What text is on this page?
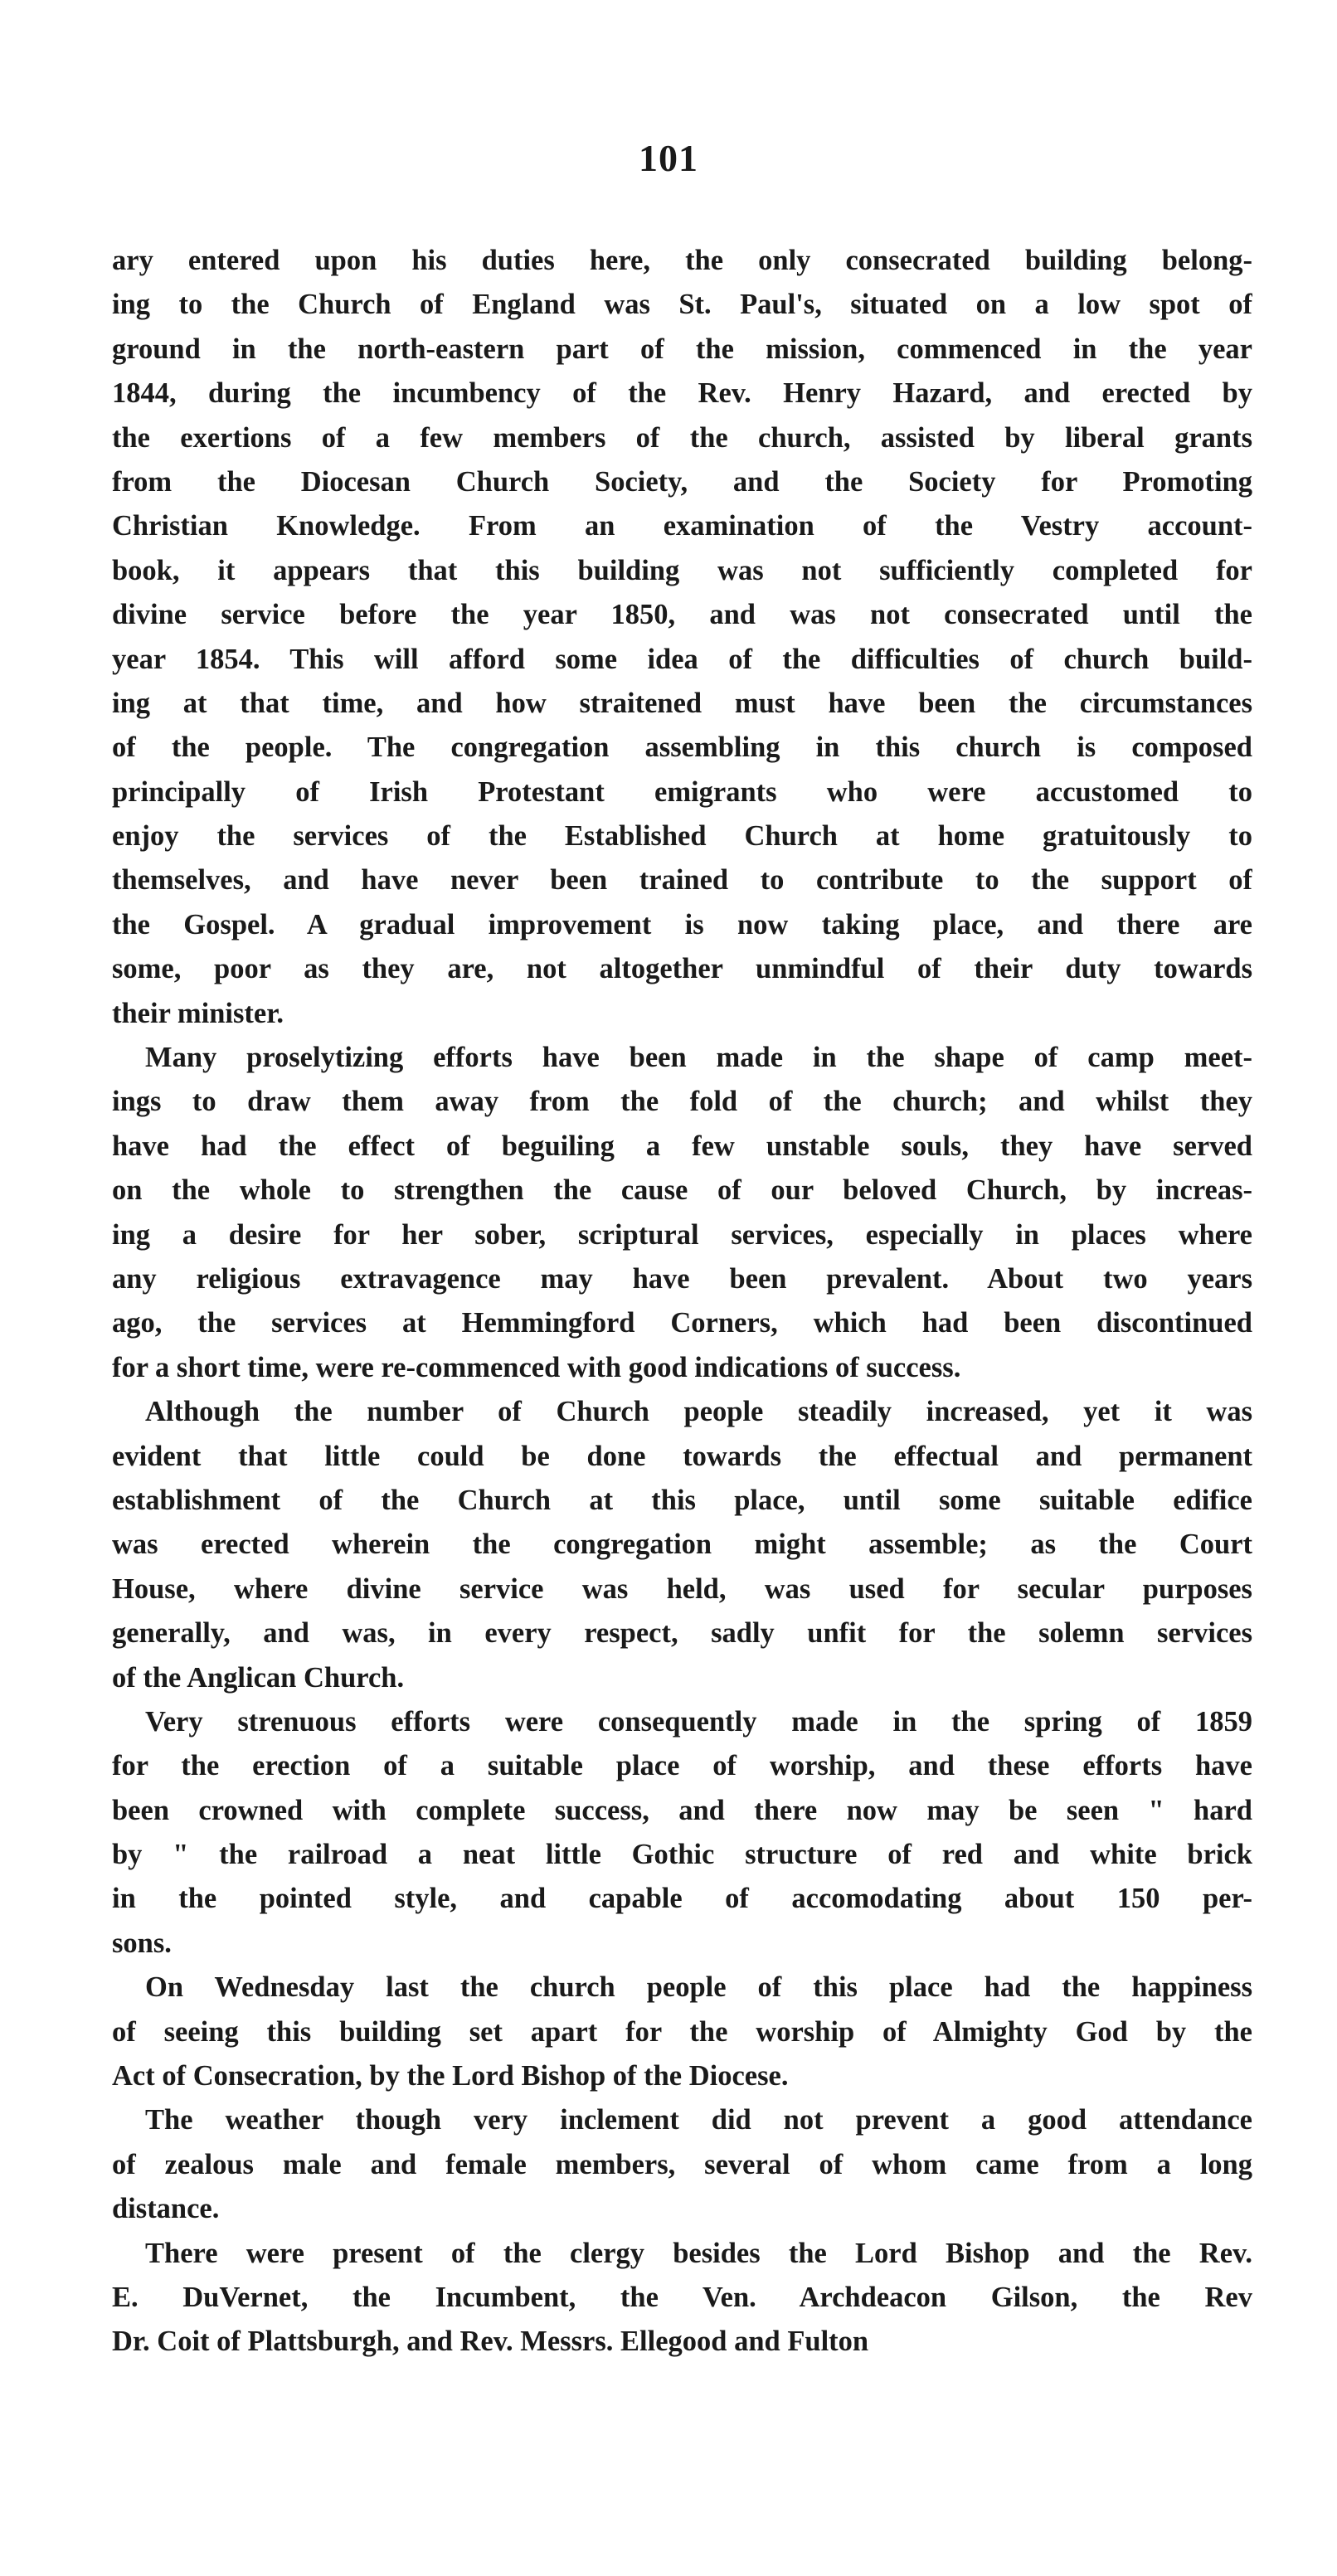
101
ary entered upon his duties here, the only consecrated building belong-
ing to the Church of England was St. Paul's, situated on a low spot of
ground in the north-eastern part of the mission, commenced in the year
1844, during the incumbency of the Rev. Henry Hazard, and erected by
the exertions of a few members of the church, assisted by liberal grants
from the Diocesan Church Society, and the Society for Promoting
Christian Knowledge. From an examination of the Vestry account-
book, it appears that this building was not sufficiently completed for
divine service before the year 1850, and was not consecrated until the
year 1854. This will afford some idea of the difficulties of church build-
ing at that time, and how straitened must have been the circumstances
of the people. The congregation assembling in this church is composed
principally of Irish Protestant emigrants who were accustomed to
enjoy the services of the Established Church at home gratuitously to
themselves, and have never been trained to contribute to the support of
the Gospel. A gradual improvement is now taking place, and there are
some, poor as they are, not altogether unmindful of their duty towards
their minister.
Many proselytizing efforts have been made in the shape of camp meet-
ings to draw them away from the fold of the church; and whilst they
have had the effect of beguiling a few unstable souls, they have served
on the whole to strengthen the cause of our beloved Church, by increas-
ing a desire for her sober, scriptural services, especially in places where
any religious extravagence may have been prevalent. About two years
ago, the services at Hemmingford Corners, which had been discontinued
for a short time, were re-commenced with good indications of success.
Although the number of Church people steadily increased, yet it was
evident that little could be done towards the effectual and permanent
establishment of the Church at this place, until some suitable edifice
was erected wherein the congregation might assemble; as the Court
House, where divine service was held, was used for secular purposes
generally, and was, in every respect, sadly unfit for the solemn services
of the Anglican Church.
Very strenuous efforts were consequently made in the spring of 1859
for the erection of a suitable place of worship, and these efforts have
been crowned with complete success, and there now may be seen " hard
by " the railroad a neat little Gothic structure of red and white brick
in the pointed style, and capable of accomodating about 150 per-
sons.
On Wednesday last the church people of this place had the happiness
of seeing this building set apart for the worship of Almighty God by the
Act of Consecration, by the Lord Bishop of the Diocese.
The weather though very inclement did not prevent a good attendance
of zealous male and female members, several of whom came from a long
distance.
There were present of the clergy besides the Lord Bishop and the Rev.
E. DuVernet, the Incumbent, the Ven. Archdeacon Gilson, the Rev
Dr. Coit of Plattsburgh, and Rev. Messrs. Ellegood and Fulton
